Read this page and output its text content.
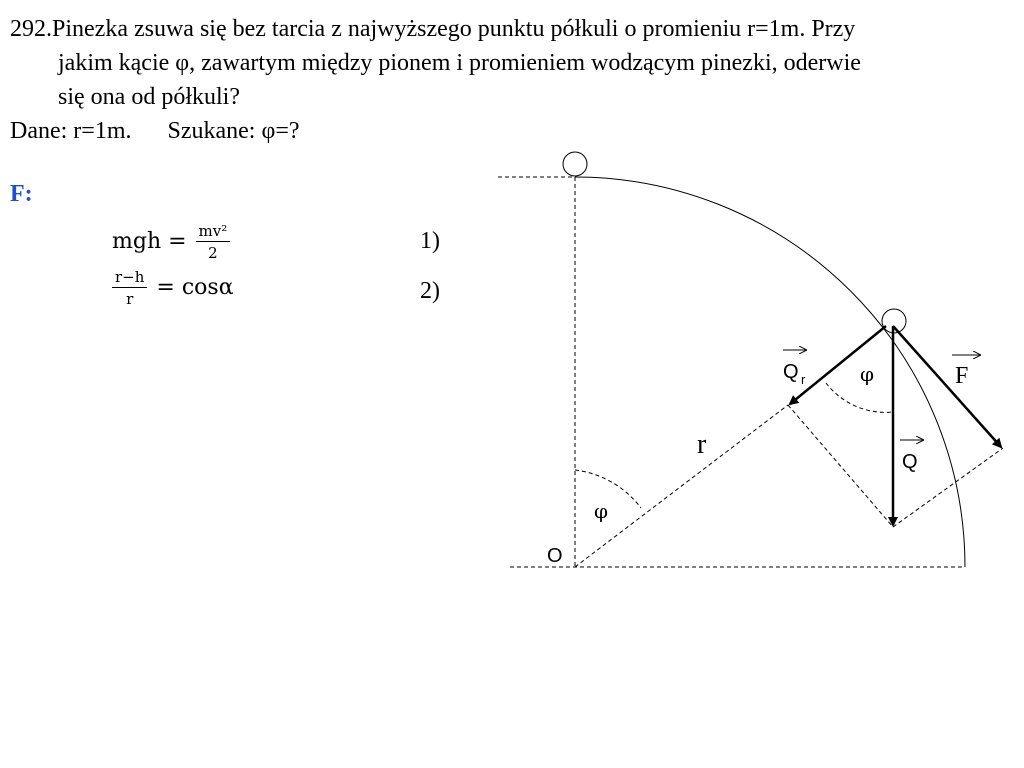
292.Pinezka zsuwa się bez tarcia z najwyższego punktu półkuli o promieniu r=1m. Przy
jakim kącie φ, zawartym między pionem i promieniem wodzącym pinezki, oderwie
się ona od półkuli?
Dane: r=1m. Szukane: φ=?
F:
mgh = $\frac{\text{mv²}}{2}$	1)
$\frac{r-h}{r} = \cos\alpha$	2)
O
r
φ
φ
Q r
Q
F
